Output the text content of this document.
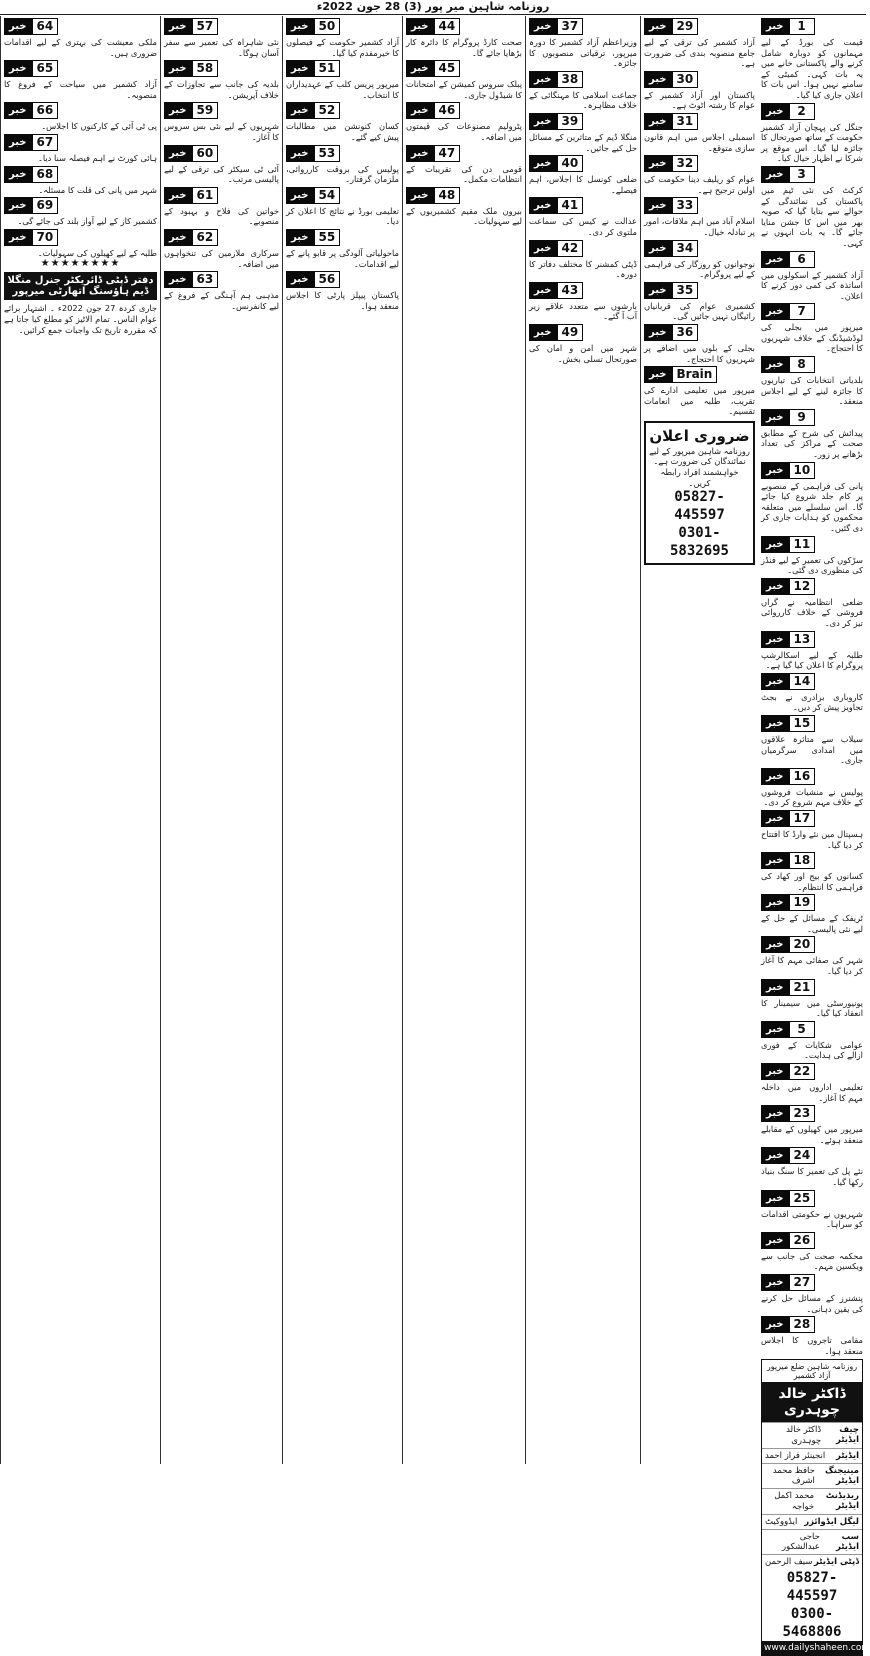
روزنامہ شاہین میر پور (3) 28 جون 2022ء
خبر	1

قیمت کی بورڈ کے لیے مہمانوں کو دوبارہ شامل کرنے والے پاکستانی خانے میں یہ بات کہی۔ کمیٹی کے سامنے نہیں ہوا۔ اس بات کا اعلان جاری کیا گیا۔

خبر	2

جنگل کی پہچان آزاد کشمیر حکومت کے ساتھ صورتحال کا جائزہ لیا گیا۔ اس موقع پر شرکا نے اظہار خیال کیا۔

خبر	3

کرکٹ کی نئی ٹیم میں پاکستان کی نمائندگی کے حوالے سے بتایا گیا کہ صوبہ بھر میں اس کا جشن منایا جائے گا۔ یہ بات انہوں نے کہی۔

خبر	6

آزاد کشمیر کے اسکولوں میں اساتذہ کی کمی دور کرنے کا اعلان۔

خبر	7

میرپور میں بجلی کی لوڈشیڈنگ کے خلاف شہریوں کا احتجاج۔

خبر	8

بلدیاتی انتخابات کی تیاریوں کا جائزہ لینے کے لیے اجلاس منعقد۔

خبر	9

پیدائش کی شرح کے مطابق صحت کے مراکز کی تعداد بڑھانے پر زور۔

خبر 10

پانی کی فراہمی کے منصوبے پر کام جلد شروع کیا جائے گا۔ اس سلسلے میں متعلقہ محکموں کو ہدایات جاری کر دی گئیں۔

خبر 11

سڑکوں کی تعمیر کے لیے فنڈز کی منظوری دی گئی۔

خبر 12

ضلعی انتظامیہ نے گراں فروشی کے خلاف کارروائی تیز کر دی۔

خبر 13

طلبہ کے لیے اسکالرشپ پروگرام کا اعلان کیا گیا ہے۔

خبر 14

کاروباری برادری نے بجٹ تجاویز پیش کر دیں۔

خبر 15

سیلاب سے متاثرہ علاقوں میں امدادی سرگرمیاں جاری۔

خبر 16

پولیس نے منشیات فروشوں کے خلاف مہم شروع کر دی۔

خبر 17

ہسپتال میں نئے وارڈ کا افتتاح کر دیا گیا۔

خبر 18

کسانوں کو بیج اور کھاد کی فراہمی کا انتظام۔

خبر 19

ٹریفک کے مسائل کے حل کے لیے نئی پالیسی۔

خبر 20

شہر کی صفائی مہم کا آغاز کر دیا گیا۔

خبر 21

یونیورسٹی میں سیمینار کا انعقاد کیا گیا۔

خبر	5

عوامی شکایات کے فوری ازالے کی ہدایت۔

خبر 22

تعلیمی اداروں میں داخلہ مہم کا آغاز۔

خبر 23

میرپور میں کھیلوں کے مقابلے منعقد ہوئے۔

خبر 24

نئے پل کی تعمیر کا سنگ بنیاد رکھا گیا۔

خبر 25

شہریوں نے حکومتی اقدامات کو سراہا۔

خبر 26

محکمہ صحت کی جانب سے ویکسین مہم۔

خبر 27

پنشنرز کے مسائل حل کرنے کی یقین دہانی۔

خبر 28

مقامی تاجروں کا اجلاس منعقد ہوا۔

روزنامہ شاہین ضلع میرپور آزاد کشمیر
ڈاکٹر خالد چوہدری
چیف ایڈیٹر
ڈاکٹر خالد چوہدری
ایڈیٹر
انجینئر فراز احمد
مینیجنگ ایڈیٹر
حافظ محمد اشرف
ریذیڈنٹ ایڈیٹر
محمد اکمل خواجہ
لیگل ایڈوائزر
ایڈووکیٹ
سب ایڈیٹر
حاجی عبدالشکور
ڈپٹی ایڈیٹر
سیف الرحمن
05827-445597
0300-5468806
www.dailyshaheen.com
خبر 29

آزاد کشمیر کی ترقی کے لیے جامع منصوبہ بندی کی ضرورت ہے۔

خبر 30

پاکستان اور آزاد کشمیر کے عوام کا رشتہ اٹوٹ ہے۔

خبر 31

اسمبلی اجلاس میں اہم قانون سازی متوقع۔

خبر 32

عوام کو ریلیف دینا حکومت کی اولین ترجیح ہے۔

خبر 33

اسلام آباد میں اہم ملاقات، امور پر تبادلہ خیال۔

خبر 34

نوجوانوں کو روزگار کی فراہمی کے لیے پروگرام۔

خبر 35

کشمیری عوام کی قربانیاں رائیگاں نہیں جائیں گی۔

خبر 36

بجلی کے بلوں میں اضافے پر شہریوں کا احتجاج۔

خبر Brain

میرپور میں تعلیمی ادارے کی تقریب، طلبہ میں انعامات تقسیم۔

ضروری اعلان

روزنامہ شاہین میرپور کے لیے نمائندگان کی ضرورت ہے۔ خواہشمند افراد رابطہ کریں۔

05827-445597
0301-5832695
خبر 37

وزیراعظم آزاد کشمیر کا دورہ میرپور، ترقیاتی منصوبوں کا جائزہ۔

خبر 38

جماعت اسلامی کا مہنگائی کے خلاف مظاہرہ۔

خبر 39

منگلا ڈیم کے متاثرین کے مسائل حل کیے جائیں۔

خبر 40

ضلعی کونسل کا اجلاس، اہم فیصلے۔

خبر 41

عدالت نے کیس کی سماعت ملتوی کر دی۔

خبر 42

ڈپٹی کمشنر کا مختلف دفاتر کا دورہ۔

خبر 43

بارشوں سے متعدد علاقے زیر آب آ گئے۔

خبر 49

شہر میں امن و امان کی صورتحال تسلی بخش۔

خبر 44

صحت کارڈ پروگرام کا دائرہ کار بڑھایا جائے گا۔

خبر 45

پبلک سروس کمیشن کے امتحانات کا شیڈول جاری۔

خبر 46

پٹرولیم مصنوعات کی قیمتوں میں اضافہ۔

خبر 47

قومی دن کی تقریبات کے انتظامات مکمل۔

خبر 48

بیرون ملک مقیم کشمیریوں کے لیے سہولیات۔

خبر 50

آزاد کشمیر حکومت کے فیصلوں کا خیرمقدم کیا گیا۔

خبر 51

میرپور پریس کلب کے عہدیداران کا انتخاب۔

خبر 52

کسان کنونشن میں مطالبات پیش کیے گئے۔

خبر 53

پولیس کی بروقت کارروائی، ملزمان گرفتار۔

خبر 54

تعلیمی بورڈ نے نتائج کا اعلان کر دیا۔

خبر 55

ماحولیاتی آلودگی پر قابو پانے کے لیے اقدامات۔

خبر 56

پاکستان پیپلز پارٹی کا اجلاس منعقد ہوا۔

خبر 57

نئی شاہراہ کی تعمیر سے سفر آسان ہوگا۔

خبر 58

بلدیہ کی جانب سے تجاوزات کے خلاف آپریشن۔

خبر 59

شہریوں کے لیے نئی بس سروس کا آغاز۔

خبر 60

آئی ٹی سیکٹر کی ترقی کے لیے پالیسی مرتب۔

خبر 61

خواتین کی فلاح و بہبود کے منصوبے۔

خبر 62

سرکاری ملازمین کی تنخواہوں میں اضافہ۔

خبر 63

مذہبی ہم آہنگی کے فروغ کے لیے کانفرنس۔

خبر 64

ملکی معیشت کی بہتری کے لیے اقدامات ضروری ہیں۔

خبر 65

آزاد کشمیر میں سیاحت کے فروغ کا منصوبہ۔

خبر 66

پی ٹی آئی کے کارکنوں کا اجلاس۔

خبر 67

ہائی کورٹ نے اہم فیصلہ سنا دیا۔

خبر 68

شہر میں پانی کی قلت کا مسئلہ۔

خبر 69

کشمیر کاز کے لیے آواز بلند کی جائے گی۔

خبر 70

طلبہ کے لیے کھیلوں کی سہولیات۔

★★★★★★★★
دفتر ڈپٹی ڈائریکٹر جنرل منگلا ڈیم ہاؤسنگ اتھارٹی میرپور

جاری کردہ 27 جون 2022ء ۔ اشتہار برائے عوام الناس۔ تمام الاٹیز کو مطلع کیا جاتا ہے کہ مقررہ تاریخ تک واجبات جمع کرائیں۔
